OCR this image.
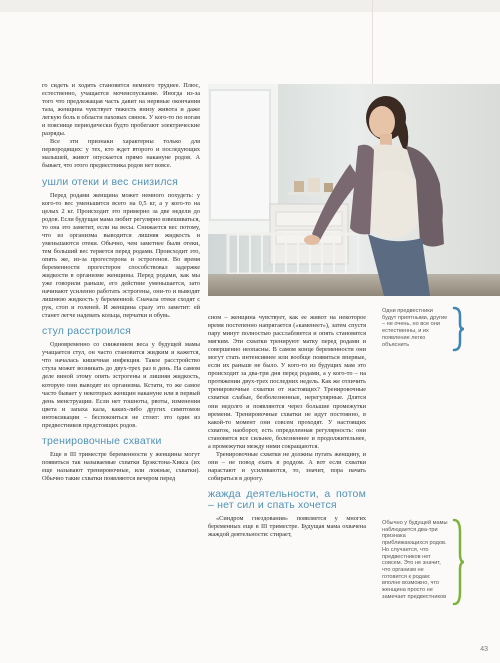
го сидеть и ходить становится немного труднее. Плюс, естественно, учащается мочеиспускание. Иногда из-за того что предлежащая часть давит на нервные окончания таза, женщина чувствует тяжесть внизу живота и даже легкую боль в области паховых связок. У кого-то по ногам и пояснице периодически будто пробегают электрические разряды.

Все эти признаки характерны только для первородящих: у тех, кто ждет второго и последующих малышей, живот опускается прямо накануне родов. А бывает, что этого предвестника родов нет вовсе.

ушли отеки и вес снизился

Перед родами женщина может немного похудеть: у кого-то вес уменьшится всего на 0,5 кг, а у кого-то на целых 2 кг. Происходит это примерно за две недели до родов. Если будущая мама любит регулярно взвешиваться, то она это заметит, если на весы. Снижается вес потому, что из организма выводится лишняя жидкость и уменьшаются отеки. Обычно, чем заметнее были отеки, тем больший вес теряется перед родами. Происходит это, опять же, из-за прогестерона и эстрогенов. Во время беременности прогестерон способствовал задержке жидкости в организме женщины. Перед родами, как мы уже говорили раньше, его действие уменьшается, зато начинают усиленно работать эстрогены, они-то и выводят лишнюю жидкость у беременной. Сначала отеки сходят с рук, стоп и голеней. И женщина сразу это заметит: ей станет легче надевать кольца, перчатки и обувь.

стул расстроился

Одновременно со снижением веса у будущей мамы учащается стул, он часто становится жидким и кажется, что началась кишечная инфекция. Такое расстройство стула может возникать до двух-трех раз в день. На самом деле виной этому опять эстрогены и лишняя жидкость, которую они выводят из организма. Кстати, то же самое часто бывает у некоторых женщин накануне или в первый день менструации. Если нет тошноты, рвоты, изменения цвета и запаха кала, каких-либо других симптомов интоксикации – беспокоиться не стоит: это один из предвестников предстоящих родов.

тренировочные схватки

Еще в III триместре беременности у женщины могут появиться так называемые схватки Брэкстона-Хикса (их еще называют тренировочные, или ложные, схватки). Обычно такие схватки появляются вечером перед

сном – женщина чувствует, как ее живот на некоторое время постепенно напрягается («каменеет»), затем спустя пару минут полностью расслабляется и опять становится мягким. Эти схватки тренируют матку перед родами и совершенно неопасны. В самом конце беременности они могут стать интенсивнее или вообще появиться впервые, если их раньше не было. У кого-то из будущих мам это происходит за два-три дня перед родами, а у кого-то – на протяжении двух-трех последних недель. Как же отличить тренировочные схватки от настоящих? Тренировочные схватки слабые, безболезненные, нерегулярные. Длятся они недолго и появляются через большие промежутки времени. Тренировочные схватки не идут постоянно, в какой-то момент они совсем проходят. У настоящих схваток, наоборот, есть определенная регулярность: они становятся все сильнее, болезненнее и продолжительнее, а промежутки между ними сокращаются.

Тренировочные схватки не должны пугать женщину, и они – не повод ехать в роддом. А вот если схватки нарастают и усиливаются, то, значит, пора начать собираться в дорогу.

жажда деятельности, а потом – нет сил и спать хочется

«Синдром гнездования» появляется у многих беременных еще в III триместре. Будущая мама охвачена жаждой деятельности: стирает,

Одни предвестники будут приятными, другие – не очень, но все они естественны, и их появление легко объяснить
Обычно у будущей мамы наблюдается два-три признака приближающихся родов. Но случается, что предвестников нет совсем. Это не значит, что организм не готовится к родам: вполне возможно, что женщина просто не замечает предвестников
43
